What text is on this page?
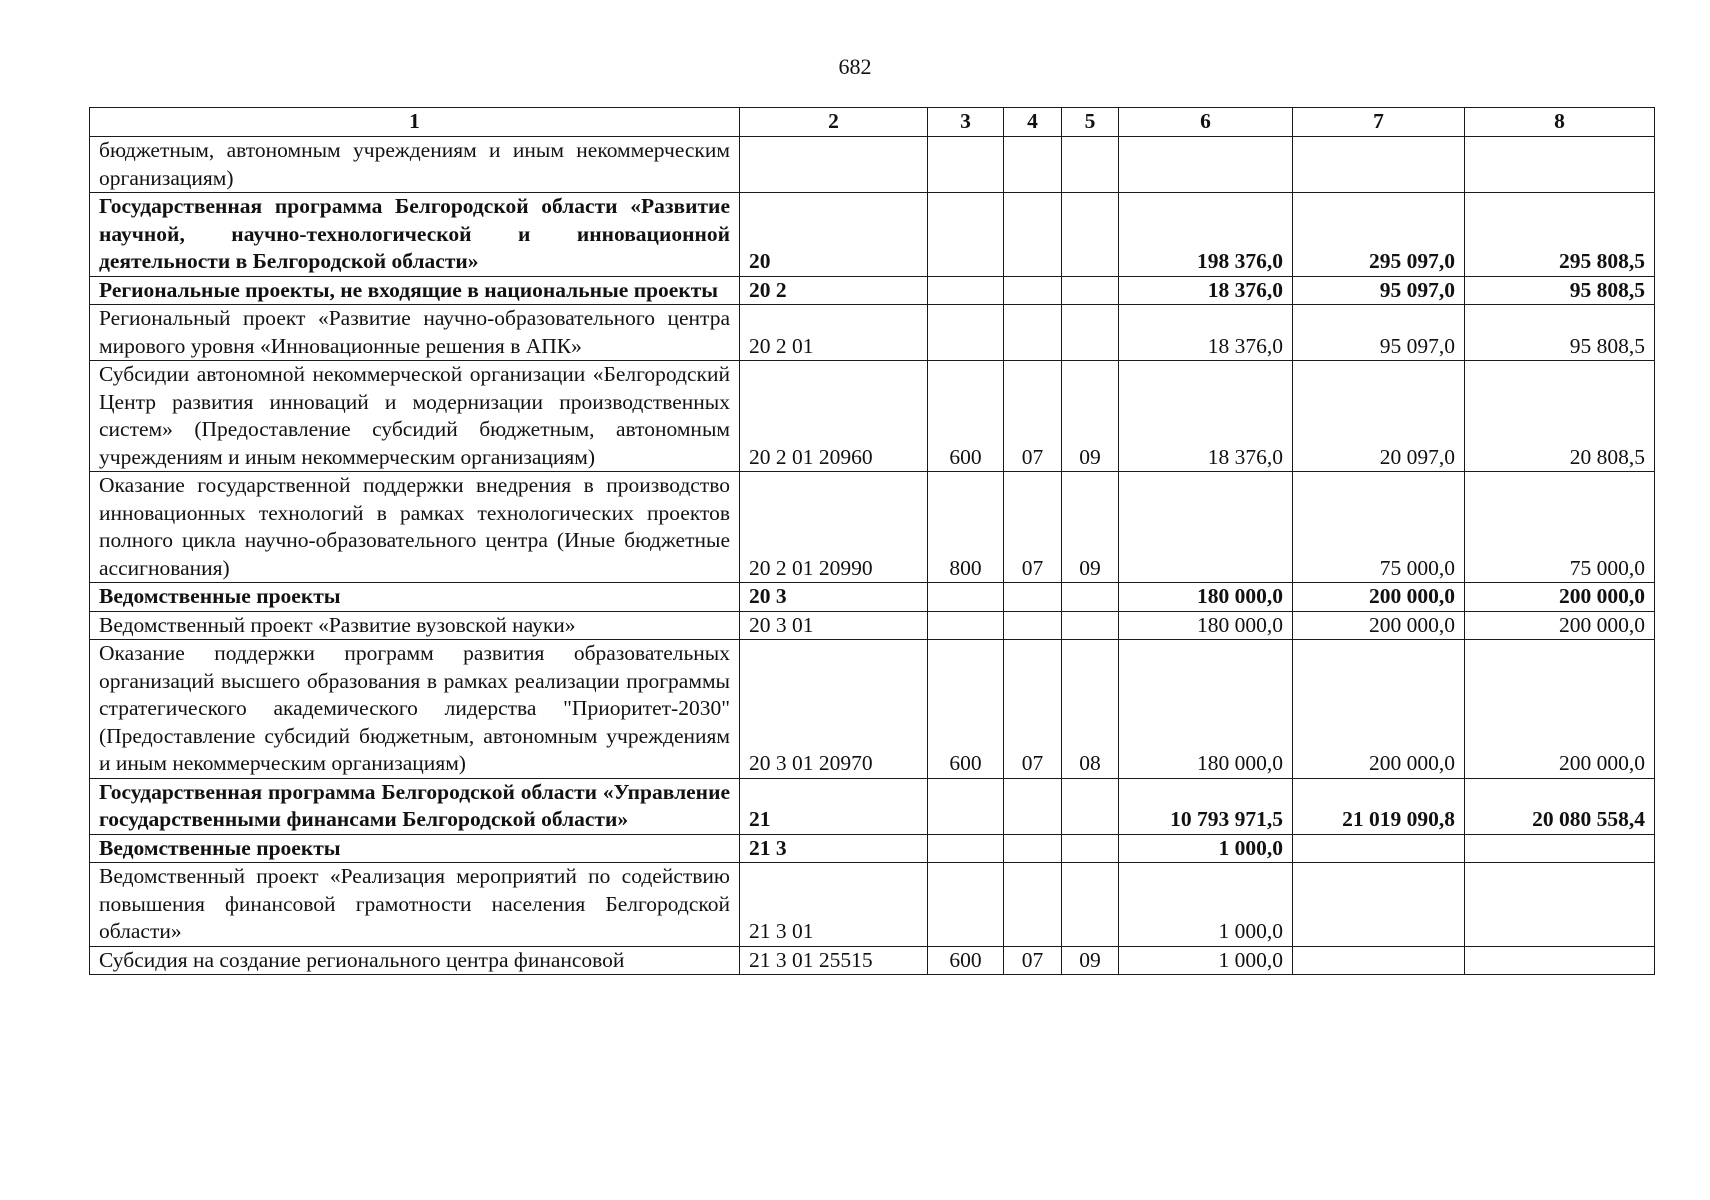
682
1	2	3	4	5	6	7	8
бюджетным, автономным учреждениям и иным некоммерческим организациям)							
Государственная программа Белгородской области «Развитие научной, научно-технологической и инновационной деятельности в Белгородской области»	20				198 376,0	295 097,0	295 808,5
Региональные проекты, не входящие в национальные проекты	20 2				18 376,0	95 097,0	95 808,5
Региональный проект «Развитие научно-образовательного центра мирового уровня «Инновационные решения в АПК»	20 2 01				18 376,0	95 097,0	95 808,5
Субсидии автономной некоммерческой организации «Белгородский Центр развития инноваций и модернизации производственных систем» (Предоставление субсидий бюджетным, автономным учреждениям и иным некоммерческим организациям)	20 2 01 20960	600	07	09	18 376,0	20 097,0	20 808,5
Оказание государственной поддержки внедрения в производство инновационных технологий в рамках технологических проектов полного цикла научно-образовательного центра (Иные бюджетные ассигнования)	20 2 01 20990	800	07	09		75 000,0	75 000,0
Ведомственные проекты	20 3				180 000,0	200 000,0	200 000,0
Ведомственный проект «Развитие вузовской науки»	20 3 01				180 000,0	200 000,0	200 000,0
Оказание поддержки программ развития образовательных организаций высшего образования в рамках реализации программы стратегического академического лидерства "Приоритет-2030" (Предоставление субсидий бюджетным, автономным учреждениям и иным некоммерческим организациям)	20 3 01 20970	600	07	08	180 000,0	200 000,0	200 000,0
Государственная программа Белгородской области «Управление государственными финансами Белгородской области»	21				10 793 971,5	21 019 090,8	20 080 558,4
Ведомственные проекты	21 3				1 000,0		
Ведомственный проект «Реализация мероприятий по содействию повышения финансовой грамотности населения Белгородской области»	21 3 01				1 000,0		
Субсидия на создание регионального центра финансовой	21 3 01 25515	600	07	09	1 000,0		
